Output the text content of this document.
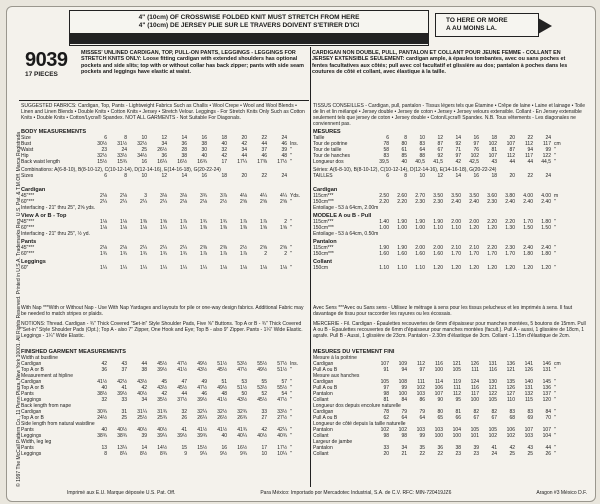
4" (10cm) OF CROSSWISE FOLDED KNIT MUST STRETCH FROM HERE
4" (10cm) DE JERSEY PLIE SUR LE TRAVERS DOIVENT S'ETIRER D'ICI
TO HERE OR MORE
A AU MOINS LA.
© 1997 The McCall Pattern Co., 11 Penn Plaza, New York 10001. All Rights Reserved. Printed in U.S.A. Trademarks Reg. U.S. Pat. & T.M.Off. Marca Registrada
9039
17 PIECES
MISSES' UNLINED CARDIGAN, TOP, PULL-ON PANTS, LEGGINGS - LEGGINGS FOR STRETCH KNITS ONLY: Loose fitting cardigan with extended shoulders has optional pockets and side slits; top with or without collar has back zipper; pants with side seam pockets and leggings have elastic at waist.
CARDIGAN NON DOUBLE, PULL, PANTALON ET COLLANT POUR JEUNE FEMME - COLLANT EN JERSEY EXTENSIBLE SEULEMENT: cardigan ample, à épaules tombantes, avec ou sans poches et fentes facultatives aux côtés; pull avec col facultatif et glissière au dos; pantalon à poches dans les coutures de côté et collant, avec élastique à la taille.
SUGGESTED FABRICS: Cardigan, Top, Pants - Lightweight Fabrics Such as Challis • Wool Crepe • Wool and Wool Blends • Linen and Linen Blends • Double Knits • Cotton Knits • Jersey • Stretch Velour. Leggings - For Stretch Knits Only Such as Cotton Knits • Double Knits • Cotton/Lycra® Spandex. NOT ALL GARMENTS - Not Suitable For Diagonals.
TISSUS CONSEILLES - Cardigan, pull, pantalon - Tissus légers tels que Étamine • Crêpe de laine • Laine et lainage • Toile de lin et lin mélangé • Jersey double • Jersey de coton • Jersey • Jersey velours extensible. Collant - En Jersey extensible seulement tels que jersey de coton • Jersey double • Coton/Lycra® Spandex. N.B. Tous vêtements - Les diagonales ne conviennent pas.
BODY MEASUREMENTS
Size	6	8	10	12	14	16	18	20	22	24
Bust	30½	31½	32½	34	36	38	40	42	44	46 Ins.
Waist	23	24	25	26½	28	30	32	34	37	39 "
Hip	32½	33½	34½	36	38	40	42	44	46	48 "
Back waist length	15½	15¾	16	16¼	16½	16¾	17	17¼	17⅜	17½ "
Combinations: A(6-8-10), B(8-10-12), C(10-12-14), D(12-14-16), E(14-16-18), G(20-22-24)
Sizes	6	8	10	12	14	16	18	20	22	24
MESURES
Taille	6	8	10	12	14	16	18	20	22	24
Tour de poitrine	78	80	83	87	92	97	102	107	112	117 cm
Tour de taille	58	61	64	67	71	76	81	87	94	99 "
Tour de hanches	83	85	88	92	97	102	107	112	117	122 "
Longueur dos	39,5	40	40,5	41,5	42	42,5	43	44	44	44,5 "
Séries: A(6-8-10), B(8-10-12), C(10-12-14), D(12-14-16), E(14-16-18), G(20-22-24)
TAILLES	6	8	10	12	14	16	18	20	22	24
Cardigan
45"***	2⅛	2⅛	3	3⅛	3⅛	3¾	3⅞	4⅛	4¼	4¼ Yds.
60"***	2¼	2¼	2¼	2¼	2⅛	2⅛	2½	2⅝	2⅝	2⅝ "
Interfacing - 21" thru 25", 2⅝ yds.
View A or B - Top
45"***	1⅛	1⅛	1⅜	1⅝	1⅞	1¾	1¾	1⅞	1⅞	2 "
60"***	1⅛	1⅛	1⅛	1¼	1¼	1⅜	1⅜	1⅜	1⅝	1⅝ "
Interfacing - 21" thru 25", ½ yd.
Pants
45"***	2⅛	2⅛	2¼	2¼	2¼	2⅜	2⅜	2½	2⅝	2⅝ "
60"***	1¾	1¾	1¾	1¾	1¾	1⅞	1⅞	1⅞	2	2 "
Leggings
60"	1¼	1¼	1¼	1¼	1¼	1¼	1⅛	1⅛	1⅛	1⅛ "
Cardigan
115cm***	2.50	2.60	2.70	3.50	3.50	3.50	3.60	3.80	4.00	4.00 m
150cm***	2.20	2.20	2.30	2.30	2.40	2.40	2.30	2.40	2.40	2.40 "
Entoilage - 53 à 64cm, 2.00m
MODELE A ou B - Pull
115cm***	1.40	1.90	1.90	1.90	2.00	2.00	2.20	2.20	1.70	1.80 "
150cm***	1.00	1.00	1.00	1.10	1.10	1.20	1.20	1.30	1.50	1.50 "
Entoilage - 53 à 64cm, 0.50m
Pantalon
115cm***	1.90	1.90	2.00	2.00	2.10	2.10	2.20	2.30	2.40	2.40 "
150cm***	1.60	1.60	1.60	1.60	1.70	1.70	1.70	1.70	1.80	1.80 "
Collant
150cm	1.10	1.10	1.10	1.20	1.20	1.20	1.20	1.20	1.20	1.20 "
With Nap ***With or Without Nap - Use With Nap Yardages and layouts for pile or one-way design fabrics. Additional Fabric may be needed to match stripes or plaids.
Avec Sens ***Avec ou Sans sens - Utilisez le métrage à sens pour les tissus pelucheux et les imprimés à sens. Il faut davantage de tissu pour raccorder les rayures ou les écossais.
NOTIONS: Thread. Cardigan - ¾" Thick Covered "Set-in" Style Shoulder Pads, Five ⅝" Buttons. Top A or B - ¾" Thick Covered "Set-in" Style Shoulder Pads (Opt.); Top A - also 7" Zipper, One Hook and Eye; Top B - also 9" Zipper. Pants - 1¼" Wide Elastic. Leggings - 1¼" Wide Elastic.
MERCERIE - Fil. Cardigan - Épaulettes recouvertes de 6mm d'épaisseur pour manches montées, 5 boutons de 15mm. Pull A ou B - Épaulettes recouvertes de 6mm d'épaisseur pour manches montées (facult.). Pull A - aussi, 1 glissière de 18cm, 1 agrafe. Pull B - Aussi, 1 glissière de 23cm. Pantalon - 2.30m d'élastique de 3cm. Collant - 1.15m d'élastique de 2cm.
FINISHED GARMENT MEASUREMENTS
Width at bustline
Cardigan	42	43	44	45½	47½	49½	51½	53½	55½	57½ Ins.
Top A or B	36	37	38	39½	41½	43½	45½	47½	49½	51½ "
Measurement at hipline
Cardigan	41½	42½	43½	45	47	49	51	53	55	57 "
Top A or B	40	41	42	43½	45½	47½	49½	51½	53½	55½ "
Pants	38½	39½	40½	42	44	46	48	50	52	54 "
Leggings	32	33	34	35½	37½	39½	41½	43½	45½	47½ "
Back length from nape
Cardigan	30¾	31	31¼	31¾	32	32¼	32½	32¾	33	33½ "
Top A or B	24½	25	25½	25¾	26	26¼	26½	26¾	27	27½ "
Side length from natural waistline
Pants	40	40½	40½	40½	41	41½	41½	41¾	42	42¼ "
Leggings	38¾	38¾	39	39¼	39½	39¾	40	40¼	40½	40¾ "
Width, leg leg
Pants	13	13¼	14	14½	15	15½	16	16½	17	17½ "
Leggings	8	8¼	8½	8¾	9	9¼	9½	9¾	10	10¼ "
MESURES DU VETEMENT FINI
Mesure à la poitrine
Cardigan	107	109	112	116	121	126	131	136	141	146 cm
Pull A ou B	91	94	97	100	105	111	116	121	126	131 "
Mesure aux hanches
Cardigan	105	108	111	114	119	124	130	135	140	145 "
Pull A ou B	97	99	102	106	111	116	121	126	131	136 "
Pantalon	98	100	103	107	112	117	122	127	132	137 "
Collant	81	84	86	90	95	100	105	110	115	120 "
Longueur dos depuis encolure naturelle
Cardigan	78	79	79	80	81	82	82	83	83	84 "
Pull A ou B	62	64	64	65	66	67	67	68	69	70 "
Longueur de côté depuis la taille naturelle
Pantalon	102	102	103	103	104	105	105	106	107	107 "
Collant	98	98	99	100	100	101	102	102	103	104 "
Largeur de jambe
Pantalon	33	34	35	36	38	39	41	42	43	44 "
Collant	20	21	22	22	23	23	24	25	25	26 "
Imprimé aux E.U. Marque déposée U.S. Pat. Off.	Para México: Importado por Mercadotec Industrial, S.A. de C.V. RFC: MIN-720419JZ6	Aragon #3 México D.F.
